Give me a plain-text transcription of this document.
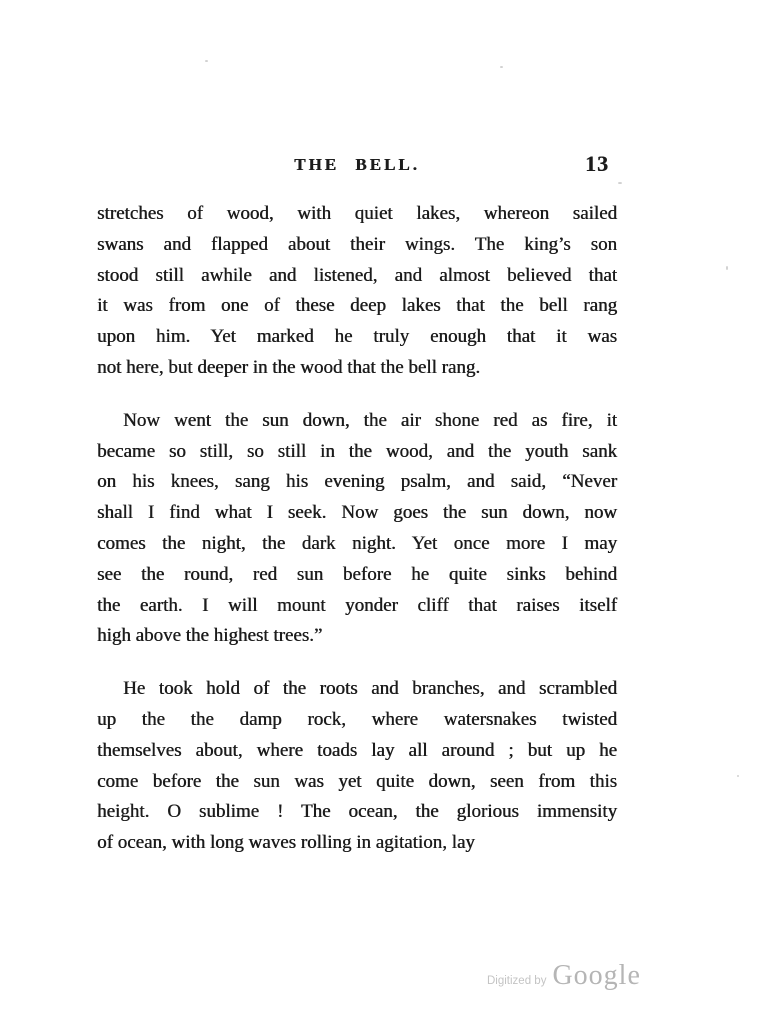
THE BELL.	13
stretches of wood, with quiet lakes, whereon sailed
swans and flapped about their wings. The king’s son
stood still awhile and listened, and almost believed that
it was from one of these deep lakes that the bell rang
upon him. Yet marked he truly enough that it was
not here, but deeper in the wood that the bell rang.
Now went the sun down, the air shone red as fire, it
became so still, so still in the wood, and the youth sank
on his knees, sang his evening psalm, and said, “Never
shall I find what I seek. Now goes the sun down, now
comes the night, the dark night. Yet once more I may
see the round, red sun before he quite sinks behind
the earth. I will mount yonder cliff that raises itself
high above the highest trees.”
He took hold of the roots and branches, and scrambled
up the the damp rock, where watersnakes twisted
themselves about, where toads lay all around ; but up he
come before the sun was yet quite down, seen from this
height. O sublime ! The ocean, the glorious immensity
of ocean, with long waves rolling in agitation, lay
Digitized by Google
